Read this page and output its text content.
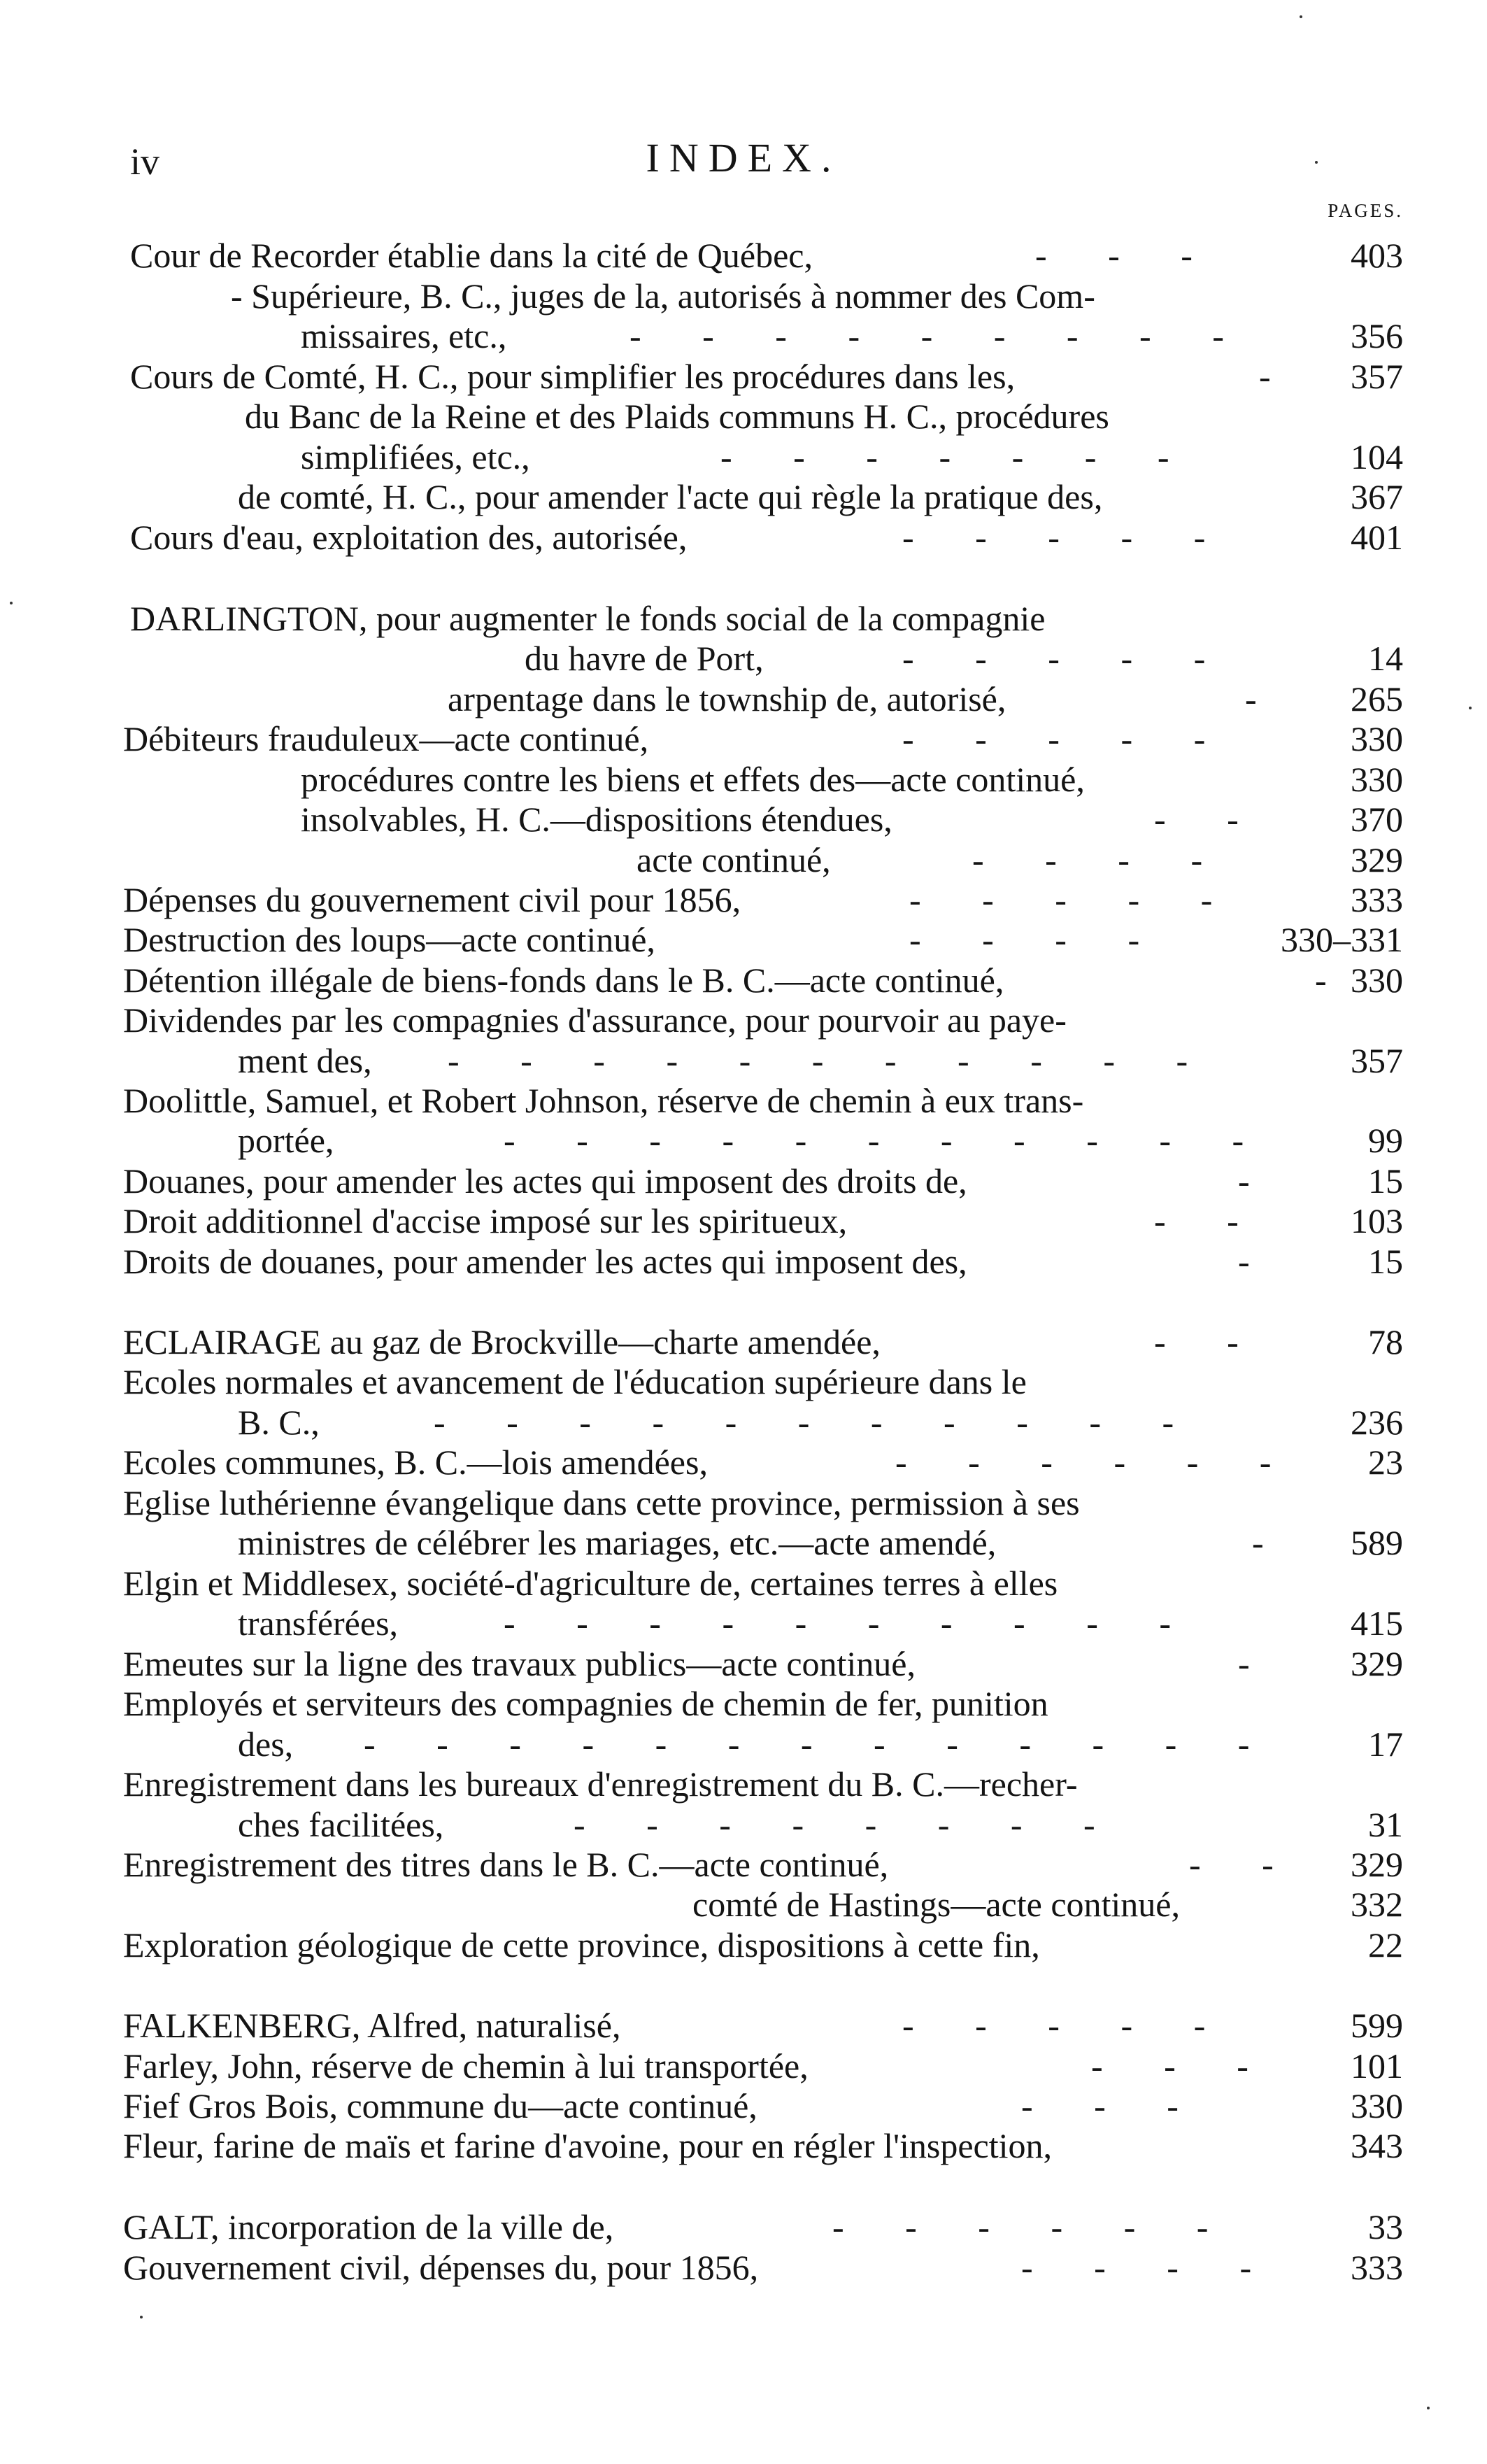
iv	INDEX.
PAGES.
Cour de Recorder établie dans la cité de Québec,	-       -       -	403
- Supérieure, B. C., juges de la, autorisés à nommer des Com-
missaires, etc.,	-       -       -       -       -       -       -       -       -	356
Cours de Comté, H. C., pour simplifier les procédures dans les,	- 357
du Banc de la Reine et des Plaids communs H. C., procédures
simplifiées, etc.,	-       -       -       -       -       -       -	104
de comté, H. C., pour amender l'acte qui règle la pratique des,	367
Cours d'eau, exploitation des, autorisée,	-       -       -       -       -	401
DARLINGTON, pour augmenter le fonds social de la compagnie
du havre de Port,	-       -       -       -       -	14
arpentage dans le township de, autorisé,	-	265
Débiteurs frauduleux—acte continué,	-       -       -       -       -	330
procédures contre les biens et effets des—acte continué,	330
insolvables, H. C.—dispositions étendues,	-       -	370
acte continué,	-       -       -       -	329
Dépenses du gouvernement civil pour 1856,	-       -       -       -       -	333
Destruction des loups—acte continué,	-       -       -       -	330–331
Détention illégale de biens-fonds dans le B. C.—acte continué,	- 330
Dividendes par les compagnies d'assurance, pour pourvoir au paye-
ment des, -       -       -       -       -       -       -       -       -       -       -	357
Doolittle, Samuel, et Robert Johnson, réserve de chemin à eux trans-
portée,	-       -       -       -       -       -       -       -       -       -       -	99
Douanes, pour amender les actes qui imposent des droits de,	-	15
Droit additionnel d'accise imposé sur les spiritueux,	-       -	103
Droits de douanes, pour amender les actes qui imposent des,	-	15
ECLAIRAGE au gaz de Brockville—charte amendée,	-       -	78
Ecoles normales et avancement de l'éducation supérieure dans le
B. C.,	-       -       -       -       -       -       -       -       -       -       -	236
Ecoles communes, B. C.—lois amendées,	-       -       -       -       -       -	23
Eglise luthérienne évangelique dans cette province, permission à ses
ministres de célébrer les mariages, etc.—acte amendé,	- 589
Elgin et Middlesex, société-d'agriculture de, certaines terres à elles
transférées,	-       -       -       -       -       -       -       -       -       -	415
Emeutes sur la ligne des travaux publics—acte continué,	-	329
Employés et serviteurs des compagnies de chemin de fer, punition
des, -       -       -       -       -       -       -       -       -       -       -       -       -	17
Enregistrement dans les bureaux d'enregistrement du B. C.—recher-
ches facilitées,	-       -       -       -       -       -       -       -	31
Enregistrement des titres dans le B. C.—acte continué,	-       - 329
comté de Hastings—acte continué,	332
Exploration géologique de cette province, dispositions à cette fin,	22
FALKENBERG, Alfred, naturalisé,	-       -       -       -       -	599
Farley, John, réserve de chemin à lui transportée,	-       -       -	101
Fief Gros Bois, commune du—acte continué,	-       -       -	330
Fleur, farine de maïs et farine d'avoine, pour en régler l'inspection,	343
GALT, incorporation de la ville de,	-       -       -       -       -       -	33
Gouvernement civil, dépenses du, pour 1856,	-       -       -       -	333
